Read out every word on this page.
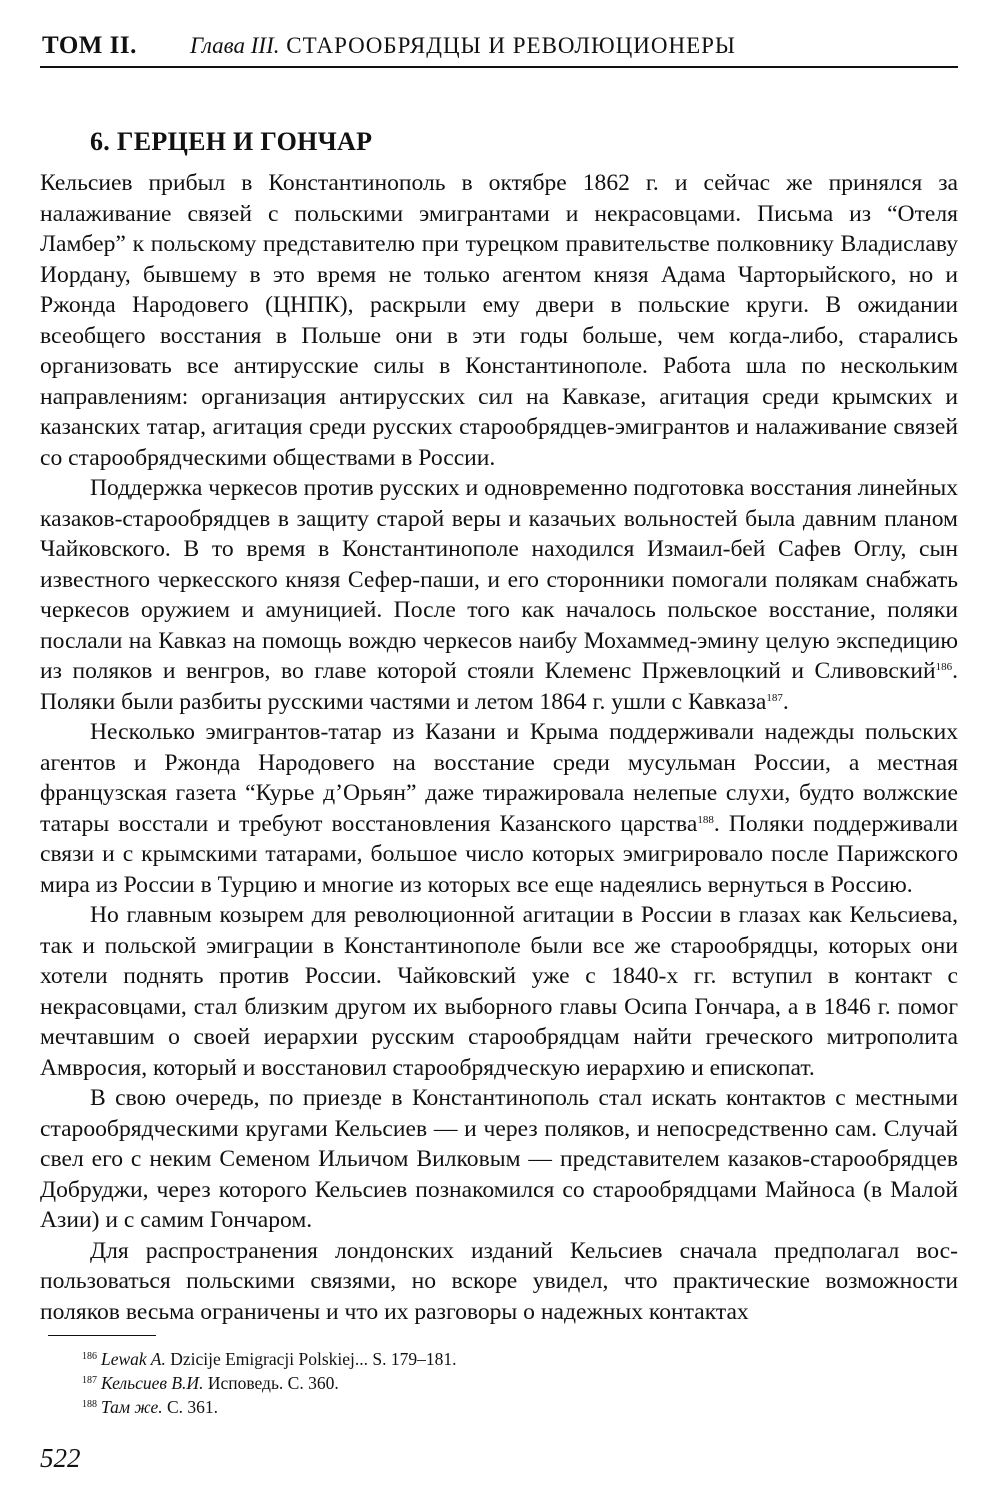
ТОМ II. Глава III. СТАРООБРЯДЦЫ И РЕВОЛЮЦИОНЕРЫ
6. ГЕРЦЕН И ГОНЧАР

Кельсиев прибыл в Константинополь в октябре 1862 г. и сейчас же принялся за налаживание связей с польскими эмигрантами и некрасовцами. Письма из “Отеля Ламбер” к польскому представителю при турецком правительстве полковнику Владиславу Иордану, бывшему в это время не только агентом князя Адама Чарторыйского, но и Ржонда Народовего (ЦНПК), раскрыли ему двери в польские круги. В ожидании всеобщего восстания в Польше они в эти годы больше, чем когда-либо, старались организовать все антирусские силы в Константинополе. Работа шла по нескольким направлениям: организация антирусских сил на Кавказе, агитация среди крымских и казанских татар, агитация среди русских старообрядцев-эмигрантов и налаживание связей со старообрядческими обществами в России.

Поддержка черкесов против русских и одновременно подготовка восстания линейных казаков-старообрядцев в защиту старой веры и казачьих вольностей была давним планом Чайковского. В то время в Константинополе находился Измаил-бей Сафев Оглу, сын известного черкесского князя Сефер-паши, и его сторонники помогали полякам снабжать черкесов оружием и амуницией. После того как началось польское восстание, поляки послали на Кавказ на помощь вождю черкесов наибу Мохаммед-эмину целую экспедицию из поляков и венгров, во главе которой стояли Клеменс Пржевлоцкий и Сливовский$^{186}$. Поляки были разбиты русскими частями и летом 1864 г. ушли с Кавказа$^{187}$.

Несколько эмигрантов-татар из Казани и Крыма поддерживали надежды польских агентов и Ржонда Народовего на восстание среди мусульман России, а местная французская газета “Курье д’Орьян” даже тиражировала нелепые слухи, будто волжские татары восстали и требуют восстановления Казанского царства$^{188}$. Поляки поддерживали связи и с крымскими татарами, большое число которых эмигрировало после Парижского мира из России в Турцию и многие из которых все еще надеялись вернуться в Россию.

Но главным козырем для революционной агитации в России в глазах как Кельсиева, так и польской эмиграции в Константинополе были все же старообрядцы, которых они хотели поднять против России. Чайковский уже с 1840-х гг. вступил в контакт с некрасовцами, стал близким другом их выборного главы Осипа Гончара, а в 1846 г. помог мечтавшим о своей иерархии русским старообрядцам найти греческого митрополита Амвросия, который и восстановил старообрядческую иерархию и епископат.

В свою очередь, по приезде в Константинополь стал искать контактов с местными старообрядческими кругами Кельсиев — и через поляков, и непосредственно сам. Случай свел его с неким Семеном Ильичом Вилковым — представителем казаков-старообрядцев Добруджи, через которого Кельсиев познакомился со старообрядцами Майноса (в Малой Азии) и с самим Гончаром.

Для распространения лондонских изданий Кельсиев сначала предполагал воспользоваться польскими связями, но вскоре увидел, что практические возможности поляков весьма ограничены и что их разговоры о надежных контактах

$^{186}$ Lewak A. Dzicije Emigracji Polskiej... S. 179–181.
$^{187}$ Кельсиев В.И. Исповедь. С. 360.
$^{188}$ Там же. С. 361.
522
